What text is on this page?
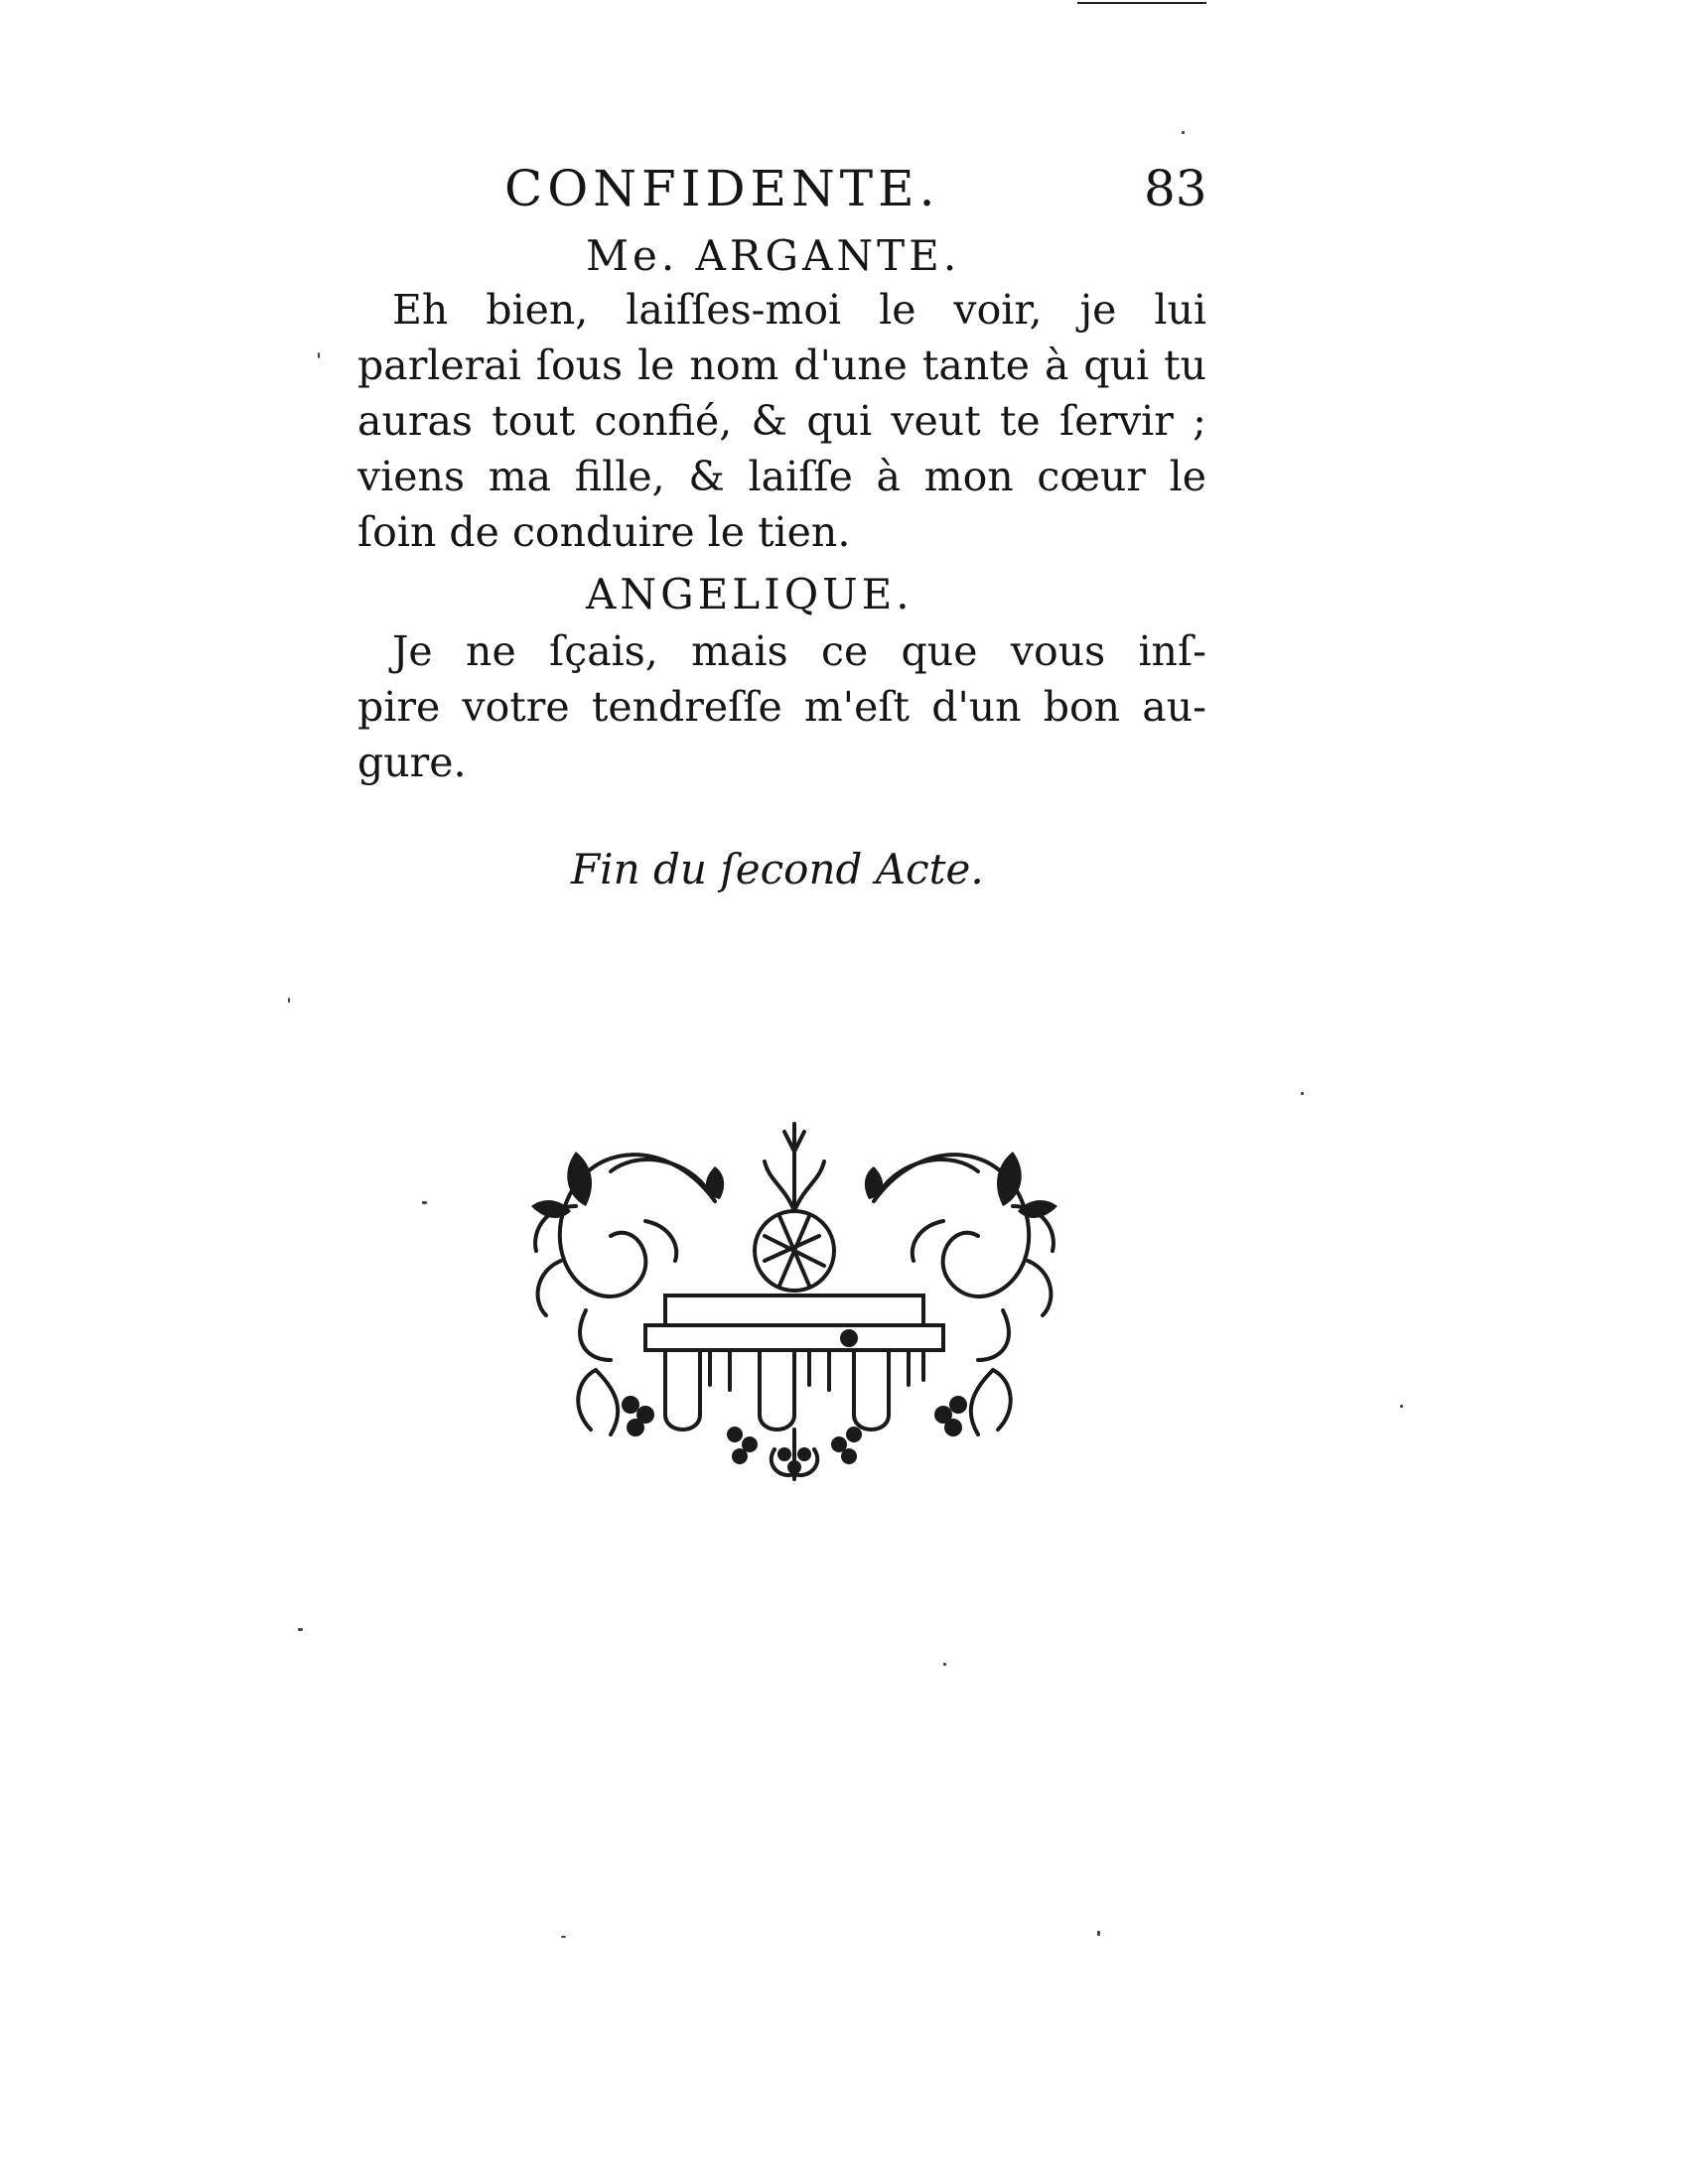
CONFIDENTE.	83
Me. ARGANTE.
Eh bien, laiſſes-moi le voir, je lui
parlerai ſous le nom d'une tante à qui tu
auras tout confié, & qui veut te ſervir ;
viens ma fille, & laiſſe à mon cœur le
ſoin de conduire le tien.
ANGELIQUE.
Je ne ſçais, mais ce que vous inſ-
pire votre tendreſſe m'eſt d'un bon au-
gure.
Fin du ſecond Acte.
